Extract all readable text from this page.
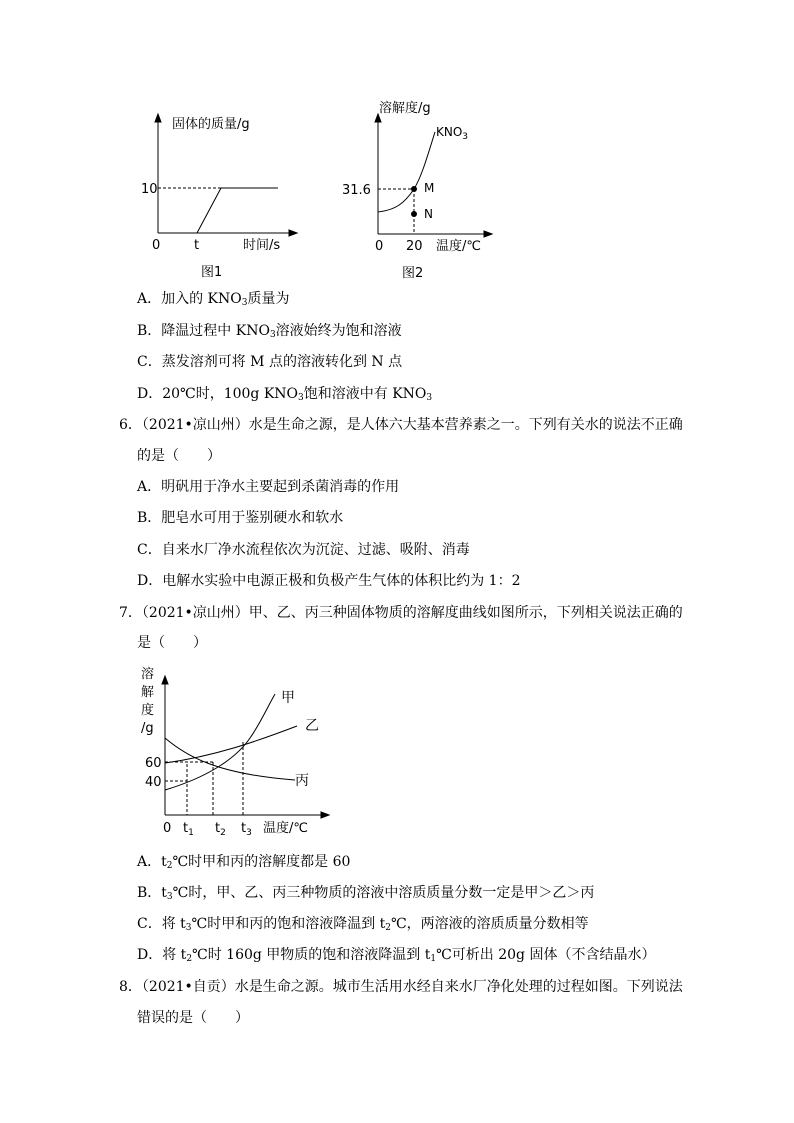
固体的质量/g
10
0	t	时间/s
图1
溶解度/g
KNO3
31.6	M
N
0 20 温度/℃
图2
A．加入的 $KNO_3$质量为
B．降温过程中 $KNO_3$溶液始终为饱和溶液
C．蒸发溶剂可将 M 点的溶液转化到 N 点
D．20℃时，100g $KNO_3$饱和溶液中有 $KNO_3$
6．（2021•凉山州）水是生命之源，是人体六大基本营养素之一。下列有关水的说法不正确
的是（　　）
A．明矾用于净水主要起到杀菌消毒的作用
B．肥皂水可用于鉴别硬水和软水
C．自来水厂净水流程依次为沉淀、过滤、吸附、消毒
D．电解水实验中电源正极和负极产生气体的体积比约为 1：2
7．（2021•凉山州）甲、乙、丙三种固体物质的溶解度曲线如图所示，下列相关说法正确的
是（　　）
溶
解
度
/g
60
40
0 t1 t2 t3 温度/℃
甲
乙
丙
A．$t_2℃$时甲和丙的溶解度都是 60
B．$t_3℃$时，甲、乙、丙三种物质的溶液中溶质质量分数一定是甲＞乙＞丙
C．将 $t_3℃$时甲和丙的饱和溶液降温到 $t_2℃$，两溶液的溶质质量分数相等
D．将 $t_2℃$时 160g 甲物质的饱和溶液降温到 $t_1℃$可析出 20g 固体（不含结晶水）
8．（2021•自贡）水是生命之源。城市生活用水经自来水厂净化处理的过程如图。下列说法
错误的是（　　）
